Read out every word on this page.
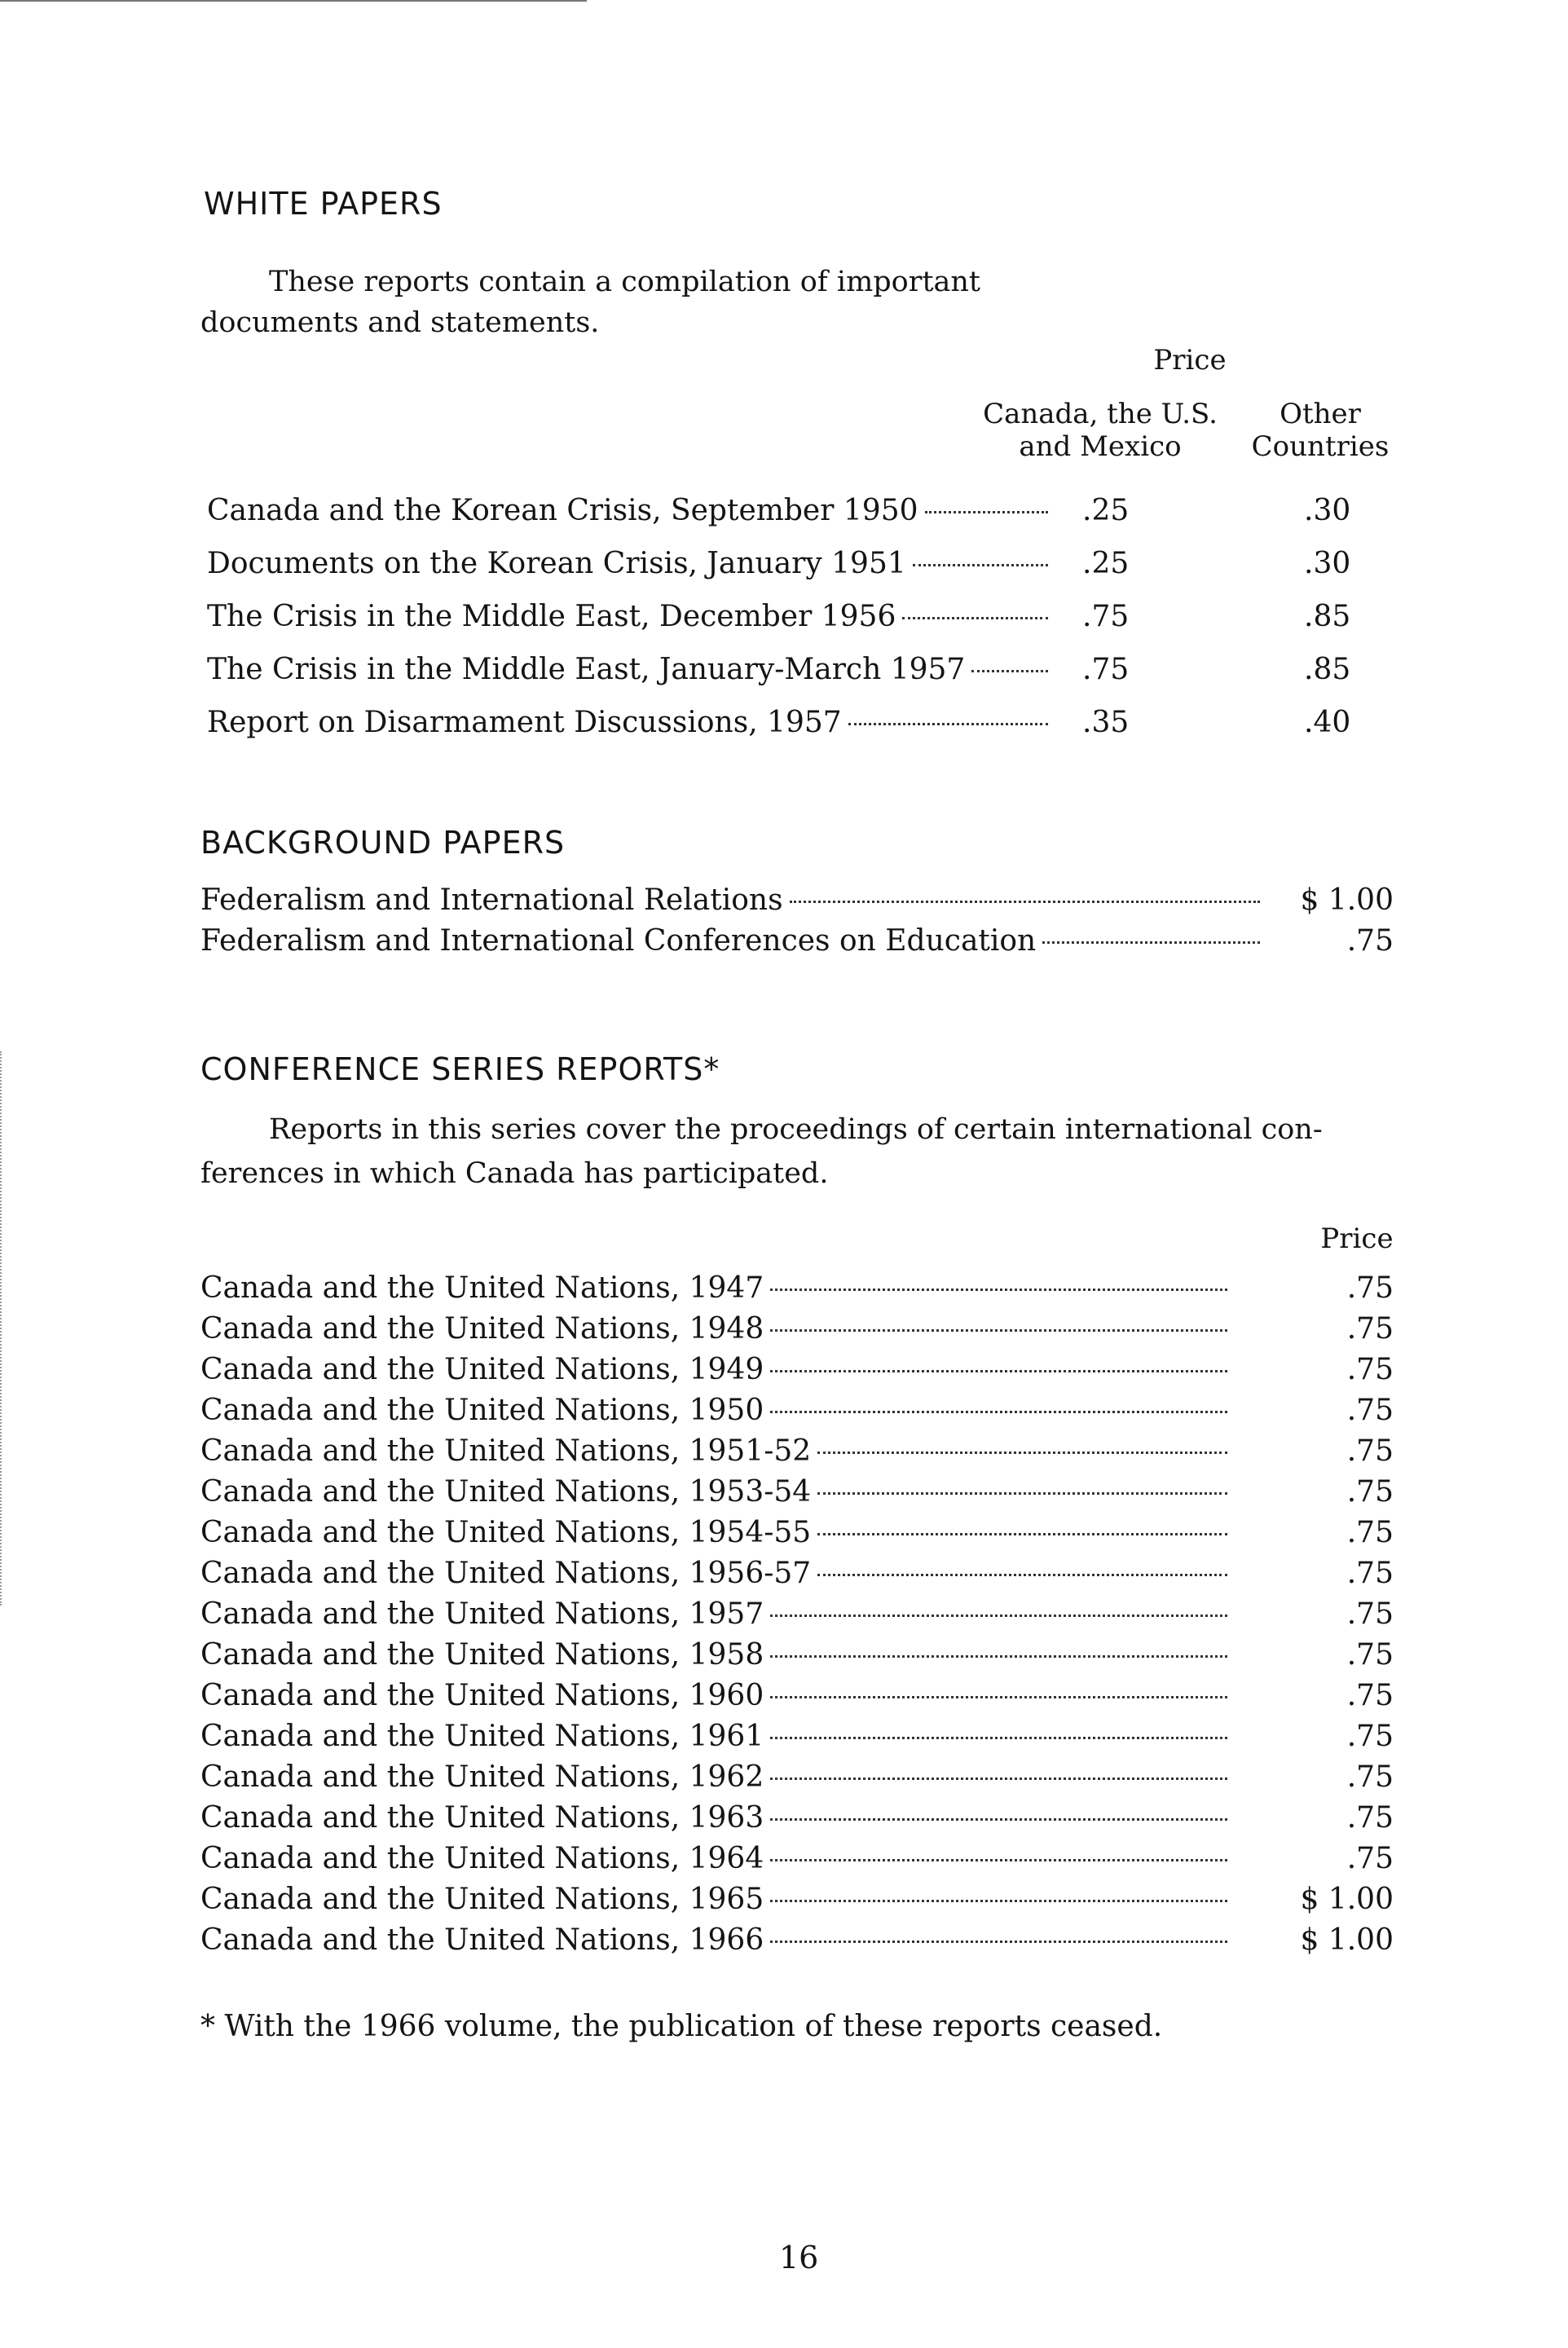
WHITE PAPERS

These reports contain a compilation of important

documents and statements.

Price
Canada, the U.S.
and Mexico
Other
Countries
Canada and the Korean Crisis, September 1950	.25	.30
Documents on the Korean Crisis, January 1951	.25	.30
The Crisis in the Middle East, December 1956	.75	.85
The Crisis in the Middle East, January-March 1957	.75	.85
Report on Disarmament Discussions, 1957	.35	.40
BACKGROUND PAPERS
Federalism and International Relations	$ 1.00
Federalism and International Conferences on Education	.75
CONFERENCE SERIES REPORTS*

Reports in this series cover the proceedings of certain international con-

ferences in which Canada has participated.

Price
Canada and the United Nations, 1947	.75
Canada and the United Nations, 1948	.75
Canada and the United Nations, 1949	.75
Canada and the United Nations, 1950	.75
Canada and the United Nations, 1951-52	.75
Canada and the United Nations, 1953-54	.75
Canada and the United Nations, 1954-55	.75
Canada and the United Nations, 1956-57	.75
Canada and the United Nations, 1957	.75
Canada and the United Nations, 1958	.75
Canada and the United Nations, 1960	.75
Canada and the United Nations, 1961	.75
Canada and the United Nations, 1962	.75
Canada and the United Nations, 1963	.75
Canada and the United Nations, 1964	.75
Canada and the United Nations, 1965	$ 1.00
Canada and the United Nations, 1966	$ 1.00
* With the 1966 volume, the publication of these reports ceased.
16
